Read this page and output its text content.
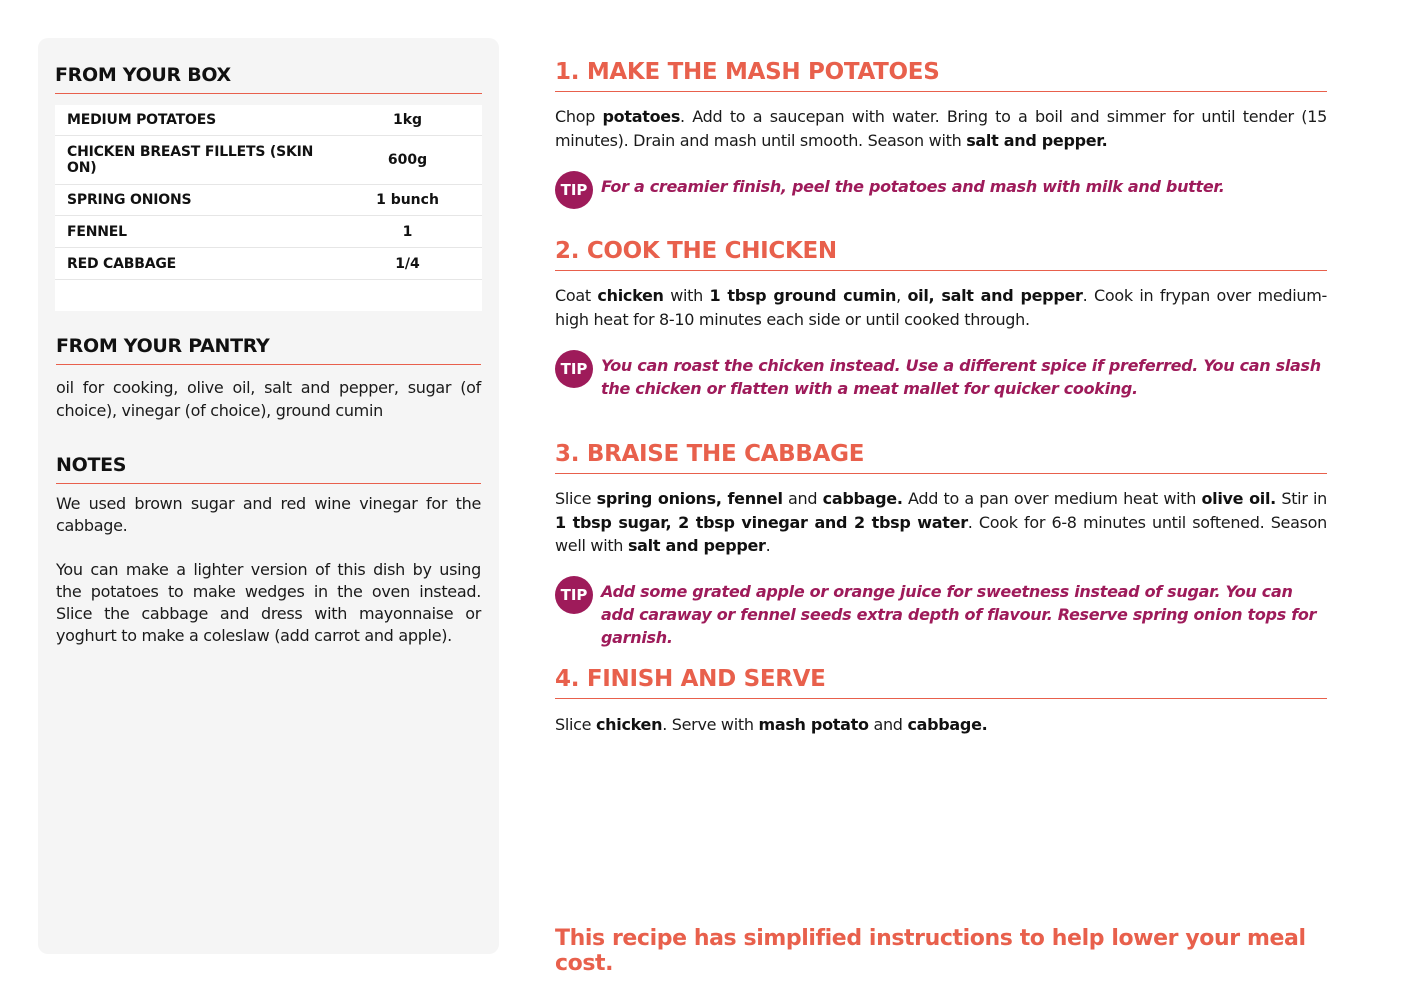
FROM YOUR BOX
MEDIUM POTATOES	1kg
CHICKEN BREAST FILLETS (SKIN ON)	600g
SPRING ONIONS	1 bunch
FENNEL	1
RED CABBAGE	1/4
FROM YOUR PANTRY
oil for cooking, olive oil, salt and pepper, sugar (of choice), vinegar (of choice), ground cumin
NOTES
We used brown sugar and red wine vinegar for the cabbage.
You can make a lighter version of this dish by using the potatoes to make wedges in the oven instead. Slice the cabbage and dress with mayonnaise or yoghurt to make a coleslaw (add carrot and apple).
1. MAKE THE MASH POTATOES
Chop potatoes. Add to a saucepan with water. Bring to a boil and simmer for until tender (15 minutes). Drain and mash until smooth. Season with salt and pepper.
TIP For a creamier finish, peel the potatoes and mash with milk and butter.
2. COOK THE CHICKEN
Coat chicken with 1 tbsp ground cumin, oil, salt and pepper. Cook in frypan over medium-high heat for 8-10 minutes each side or until cooked through.
TIP You can roast the chicken instead. Use a different spice if preferred. You can slash the chicken or flatten with a meat mallet for quicker cooking.
3. BRAISE THE CABBAGE
Slice spring onions, fennel and cabbage. Add to a pan over medium heat with olive oil. Stir in 1 tbsp sugar, 2 tbsp vinegar and 2 tbsp water. Cook for 6-8 minutes until softened. Season well with salt and pepper.
TIP Add some grated apple or orange juice for sweetness instead of sugar. You can add caraway or fennel seeds extra depth of flavour. Reserve spring onion tops for garnish.
4. FINISH AND SERVE
Slice chicken. Serve with mash potato and cabbage.
This recipe has simplified instructions to help lower your meal cost.
